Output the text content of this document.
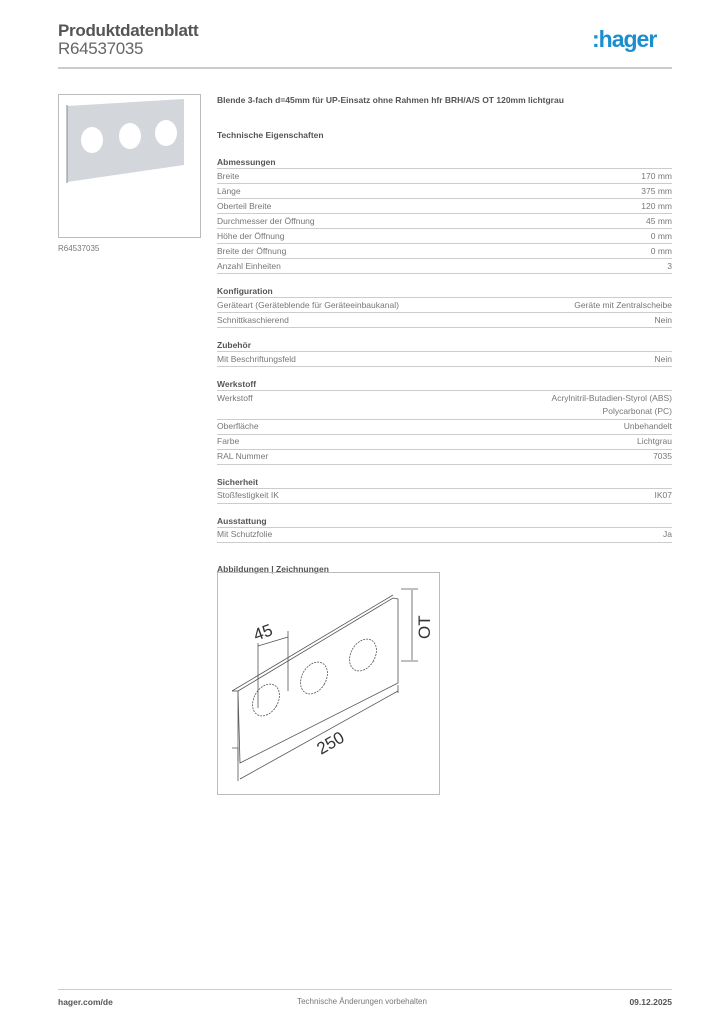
Produktdatenblatt
R64537035	:hager
R64537035
Blende 3-fach d=45mm für UP-Einsatz ohne Rahmen hfr BRH/A/S OT 120mm lichtgrau
Technische Eigenschaften
Abmessungen
Breite	170 mm
Länge	375 mm
Oberteil Breite	120 mm
Durchmesser der Öffnung	45 mm
Höhe der Öffnung	0 mm
Breite der Öffnung	0 mm
Anzahl Einheiten	3
Konfiguration
Geräteart (Geräteblende für Geräteeinbaukanal)	Geräte mit Zentralscheibe
Schnittkaschierend	Nein
Zubehör
Mit Beschriftungsfeld	Nein
Werkstoff
Werkstoff	Acrylnitril-Butadien-Styrol (ABS)
Polycarbonat (PC)
Oberfläche	Unbehandelt
Farbe	Lichtgrau
RAL Nummer	7035
Sicherheit
Stoßfestigkeit IK	IK07
Ausstattung
Mit Schutzfolie	Ja
Abbildungen | Zeichnungen
45	OT
250
hager.com/de	Technische Änderungen vorbehalten	09.12.2025
